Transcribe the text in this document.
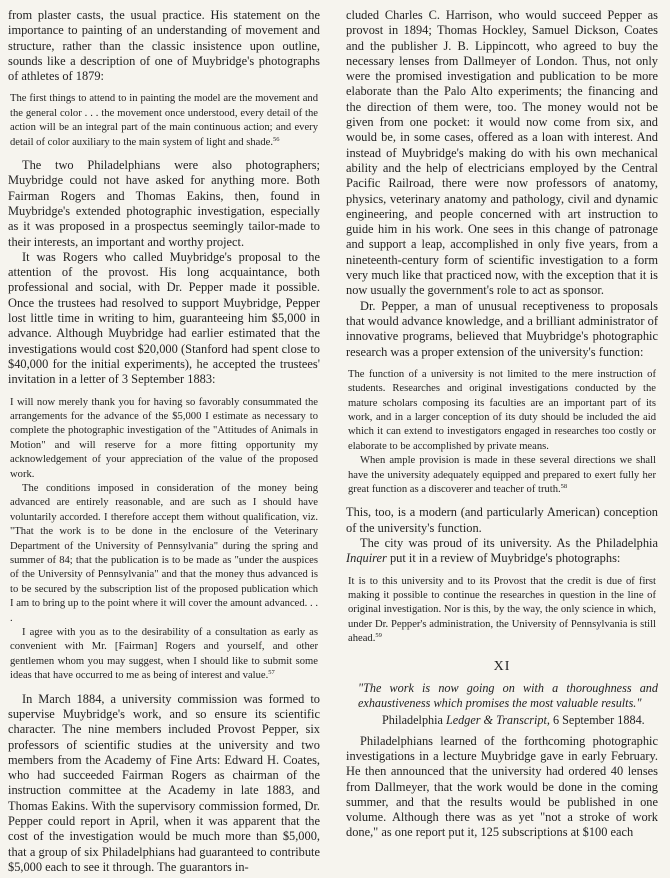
from plaster casts, the usual practice. His statement on the importance to painting of an understanding of movement and structure, rather than the classic insistence upon outline, sounds like a description of one of Muybridge's photographs of athletes of 1879:

The first things to attend to in painting the model are the movement and the general color . . . the movement once understood, every detail of the action will be an integral part of the main continuous action; and every detail of color auxiliary to the main system of light and shade.$^{56}$

The two Philadelphians were also photographers; Muybridge could not have asked for anything more. Both Fairman Rogers and Thomas Eakins, then, found in Muybridge's extended photographic investigation, especially as it was proposed in a prospectus seemingly tailor-made to their interests, an important and worthy project.

It was Rogers who called Muybridge's proposal to the attention of the provost. His long acquaintance, both professional and social, with Dr. Pepper made it possible. Once the trustees had resolved to support Muybridge, Pepper lost little time in writing to him, guaranteeing him $5,000 in advance. Although Muybridge had earlier estimated that the investigations would cost $20,000 (Stanford had spent close to $40,000 for the initial experiments), he accepted the trustees' invitation in a letter of 3 September 1883:

I will now merely thank you for having so favorably consummated the arrangements for the advance of the $5,000 I estimate as necessary to complete the photographic investigation of the "Attitudes of Animals in Motion" and will reserve for a more fitting opportunity my acknowledgement of your appreciation of the value of the proposed work.

The conditions imposed in consideration of the money being advanced are entirely reasonable, and are such as I should have voluntarily accorded. I therefore accept them without qualification, viz. "That the work is to be done in the enclosure of the Veterinary Department of the University of Pennsylvania" during the spring and summer of 84; that the publication is to be made as "under the auspices of the University of Pennsylvania" and that the money thus advanced is to be secured by the subscription list of the proposed publication which I am to bring up to the point where it will cover the amount advanced. . . .

I agree with you as to the desirability of a consultation as early as convenient with Mr. [Fairman] Rogers and yourself, and other gentlemen whom you may suggest, when I should like to submit some ideas that have occurred to me as being of interest and value.$^{57}$

In March 1884, a university commission was formed to supervise Muybridge's work, and so ensure its scientific character. The nine members included Provost Pepper, six professors of scientific studies at the university and two members from the Academy of Fine Arts: Edward H. Coates, who had succeeded Fairman Rogers as chairman of the instruction committee at the Academy in late 1883, and Thomas Eakins. With the supervisory commission formed, Dr. Pepper could report in April, when it was apparent that the cost of the investigation would be much more than $5,000, that a group of six Philadelphians had guaranteed to contribute $5,000 each to see it through. The guarantors in-

cluded Charles C. Harrison, who would succeed Pepper as provost in 1894; Thomas Hockley, Samuel Dickson, Coates and the publisher J. B. Lippincott, who agreed to buy the necessary lenses from Dallmeyer of London. Thus, not only were the promised investigation and publication to be more elaborate than the Palo Alto experiments; the financing and the direction of them were, too. The money would not be given from one pocket: it would now come from six, and would be, in some cases, offered as a loan with interest. And instead of Muybridge's making do with his own mechanical ability and the help of electricians employed by the Central Pacific Railroad, there were now professors of anatomy, physics, veterinary anatomy and pathology, civil and dynamic engineering, and people concerned with art instruction to guide him in his work. One sees in this change of patronage and support a leap, accomplished in only five years, from a nineteenth-century form of scientific investigation to a form very much like that practiced now, with the exception that it is now usually the government's role to act as sponsor.

Dr. Pepper, a man of unusual receptiveness to proposals that would advance knowledge, and a brilliant administrator of innovative programs, believed that Muybridge's photographic research was a proper extension of the university's function:

The function of a university is not limited to the mere instruction of students. Researches and original investigations conducted by the mature scholars composing its faculties are an important part of its work, and in a larger conception of its duty should be included the aid which it can extend to investigators engaged in researches too costly or elaborate to be accomplished by private means.

When ample provision is made in these several directions we shall have the university adequately equipped and prepared to exert fully her great function as a discoverer and teacher of truth.$^{58}$

This, too, is a modern (and particularly American) conception of the university's function.

The city was proud of its university. As the Philadelphia Inquirer put it in a review of Muybridge's photographs:

It is to this university and to its Provost that the credit is due of first making it possible to continue the researches in question in the line of original investigation. Nor is this, by the way, the only science in which, under Dr. Pepper's administration, the University of Pennsylvania is still ahead.$^{59}$

XI

"The work is now going on with a thoroughness and exhaustiveness which promises the most valuable results."

Philadelphia Ledger & Transcript, 6 September 1884.

Philadelphians learned of the forthcoming photographic investigations in a lecture Muybridge gave in early February. He then announced that the university had ordered 40 lenses from Dallmeyer, that the work would be done in the coming summer, and that the results would be published in one volume. Although there was as yet "not a stroke of work done," as one report put it, 125 subscriptions at $100 each
